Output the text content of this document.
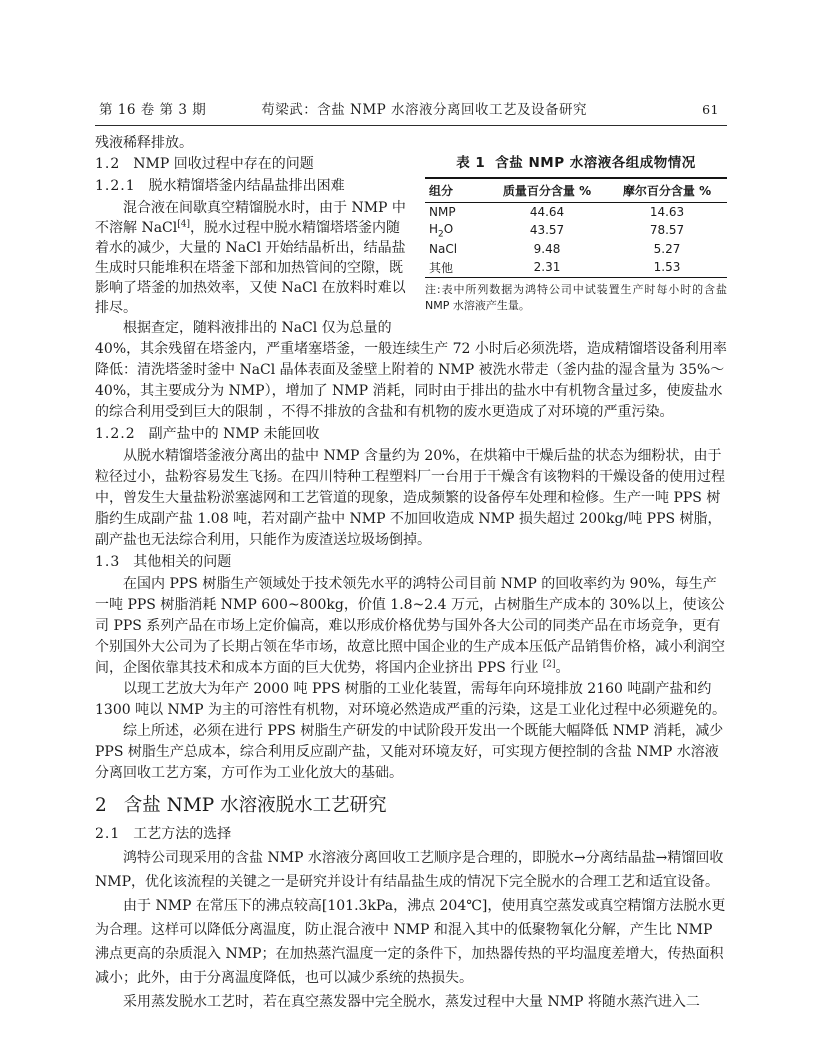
第 16 卷 第 3 期	苟梁武：含盐 NMP 水溶液分离回收工艺及设备研究	61

残液稀释排放。

表 1 含盐 NMP 水溶液各组成物情况
组分	质量百分含量 %	摩尔百分含量 %
NMP	44.64	14.63
$H_2O$	43.57	78.57
NaCl	9.48	5.27
其他	2.31	1.53
注:表中所列数据为鸿特公司中试装置生产时每小时的含盐 NMP 水溶液产生量。
1.2 NMP 回收过程中存在的问题
1.2.1 脱水精馏塔釜内结晶盐排出困难

混合液在间歇真空精馏脱水时，由于 NMP 中不溶解 NaCl[4]，脱水过程中脱水精馏塔塔釜内随着水的减少，大量的 NaCl 开始结晶析出，结晶盐生成时只能堆积在塔釜下部和加热管间的空隙，既影响了塔釜的加热效率，又使 NaCl 在放料时难以排尽。

根据查定，随料液排出的 NaCl 仅为总量的 40%，其余残留在塔釜内，严重堵塞塔釜，一般连续生产 72 小时后必须洗塔，造成精馏塔设备利用率降低：清洗塔釜时釜中 NaCl 晶体表面及釜壁上附着的 NMP 被洗水带走（釜内盐的湿含量为 35%～40%，其主要成分为 NMP），增加了 NMP 消耗，同时由于排出的盐水中有机物含量过多，使废盐水的综合利用受到巨大的限制 ，不得不排放的含盐和有机物的废水更造成了对环境的严重污染。

1.2.2 副产盐中的 NMP 未能回收

从脱水精馏塔釜液分离出的盐中 NMP 含量约为 20%，在烘箱中干燥后盐的状态为细粉状，由于粒径过小，盐粉容易发生飞扬。在四川特种工程塑料厂一台用于干燥含有该物料的干燥设备的使用过程中，曾发生大量盐粉淤塞滤网和工艺管道的现象，造成频繁的设备停车处理和检修。生产一吨 PPS 树脂约生成副产盐 1.08 吨，若对副产盐中 NMP 不加回收造成 NMP 损失超过 200kg/吨 PPS 树脂，副产盐也无法综合利用，只能作为废渣送垃圾场倒掉。

1.3 其他相关的问题

在国内 PPS 树脂生产领域处于技术领先水平的鸿特公司目前 NMP 的回收率约为 90%，每生产一吨 PPS 树脂消耗 NMP 600~800kg，价值 1.8~2.4 万元，占树脂生产成本的 30%以上，使该公司 PPS 系列产品在市场上定价偏高，难以形成价格优势与国外各大公司的同类产品在市场竞争，更有个别国外大公司为了长期占领在华市场，故意比照中国企业的生产成本压低产品销售价格，减小利润空间，企图依靠其技术和成本方面的巨大优势，将国内企业挤出 PPS 行业 [2]。

以现工艺放大为年产 2000 吨 PPS 树脂的工业化装置，需每年向环境排放 2160 吨副产盐和约 1300 吨以 NMP 为主的可溶性有机物，对环境必然造成严重的污染，这是工业化过程中必须避免的。

综上所述，必须在进行 PPS 树脂生产研发的中试阶段开发出一个既能大幅降低 NMP 消耗，减少 PPS 树脂生产总成本，综合利用反应副产盐，又能对环境友好，可实现方便控制的含盐 NMP 水溶液分离回收工艺方案，方可作为工业化放大的基础。

2 含盐 NMP 水溶液脱水工艺研究
2.1 工艺方法的选择

鸿特公司现采用的含盐 NMP 水溶液分离回收工艺顺序是合理的，即脱水→分离结晶盐→精馏回收 NMP，优化该流程的关键之一是研究并设计有结晶盐生成的情况下完全脱水的合理工艺和适宜设备。

由于 NMP 在常压下的沸点较高[101.3kPa，沸点 204℃]，使用真空蒸发或真空精馏方法脱水更为合理。这样可以降低分离温度，防止混合液中 NMP 和混入其中的低聚物氧化分解，产生比 NMP 沸点更高的杂质混入 NMP；在加热蒸汽温度一定的条件下，加热器传热的平均温度差增大，传热面积减小；此外，由于分离温度降低，也可以减少系统的热损失。

采用蒸发脱水工艺时，若在真空蒸发器中完全脱水，蒸发过程中大量 NMP 将随水蒸汽进入二
